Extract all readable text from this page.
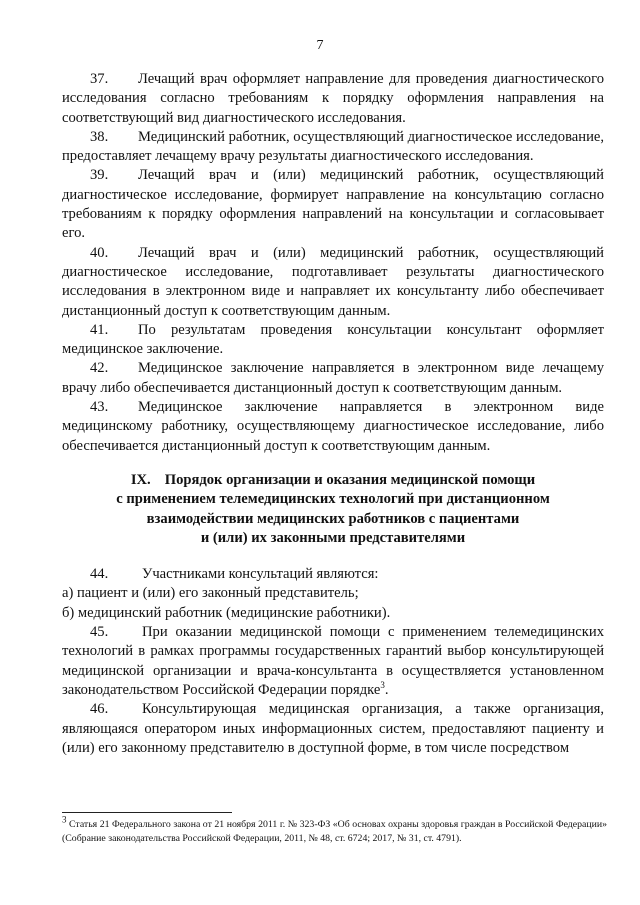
7

37. Лечащий врач оформляет направление для проведения диагностического исследования согласно требованиям к порядку оформления направления на соответствующий вид диагностического исследования.

38. Медицинский работник, осуществляющий диагностическое исследование, предоставляет лечащему врачу результаты диагностического исследования.

39. Лечащий врач и (или) медицинский работник, осуществляющий диагностическое исследование, формирует направление на консультацию согласно требованиям к порядку оформления направлений на консультации и согласовывает его.

40. Лечащий врач и (или) медицинский работник, осуществляющий диагностическое исследование, подготавливает результаты диагностического исследования в электронном виде и направляет их консультанту либо обеспечивает дистанционный доступ к соответствующим данным.

41. По результатам проведения консультации консультант оформляет медицинское заключение.

42. Медицинское заключение направляется в электронном виде лечащему врачу либо обеспечивается дистанционный доступ к соответствующим данным.

43. Медицинское заключение направляется в электронном виде медицинскому работнику, осуществляющему диагностическое исследование, либо обеспечивается дистанционный доступ к соответствующим данным.

IX. Порядок организации и оказания медицинской помощи
с применением телемедицинских технологий при дистанционном
взаимодействии медицинских работников с пациентами
и (или) их законными представителями

44. Участниками консультаций являются:

а) пациент и (или) его законный представитель;

б) медицинский работник (медицинские работники).

45. При оказании медицинской помощи с применением телемедицинских технологий в рамках программы государственных гарантий выбор консультирующей медицинской организации и врача-консультанта в осуществляется установленном законодательством Российской Федерации порядке$^3$.

46. Консультирующая медицинская организация, а также организация, являющаяся оператором иных информационных систем, предоставляют пациенту и (или) его законному представителю в доступной форме, в том числе посредством

$^3$ Статья 21 Федерального закона от 21 ноября 2011 г. № 323-ФЗ «Об основах охраны здоровья граждан в Российской Федерации» (Собрание законодательства Российской Федерации, 2011, № 48, ст. 6724; 2017, № 31, ст. 4791).
